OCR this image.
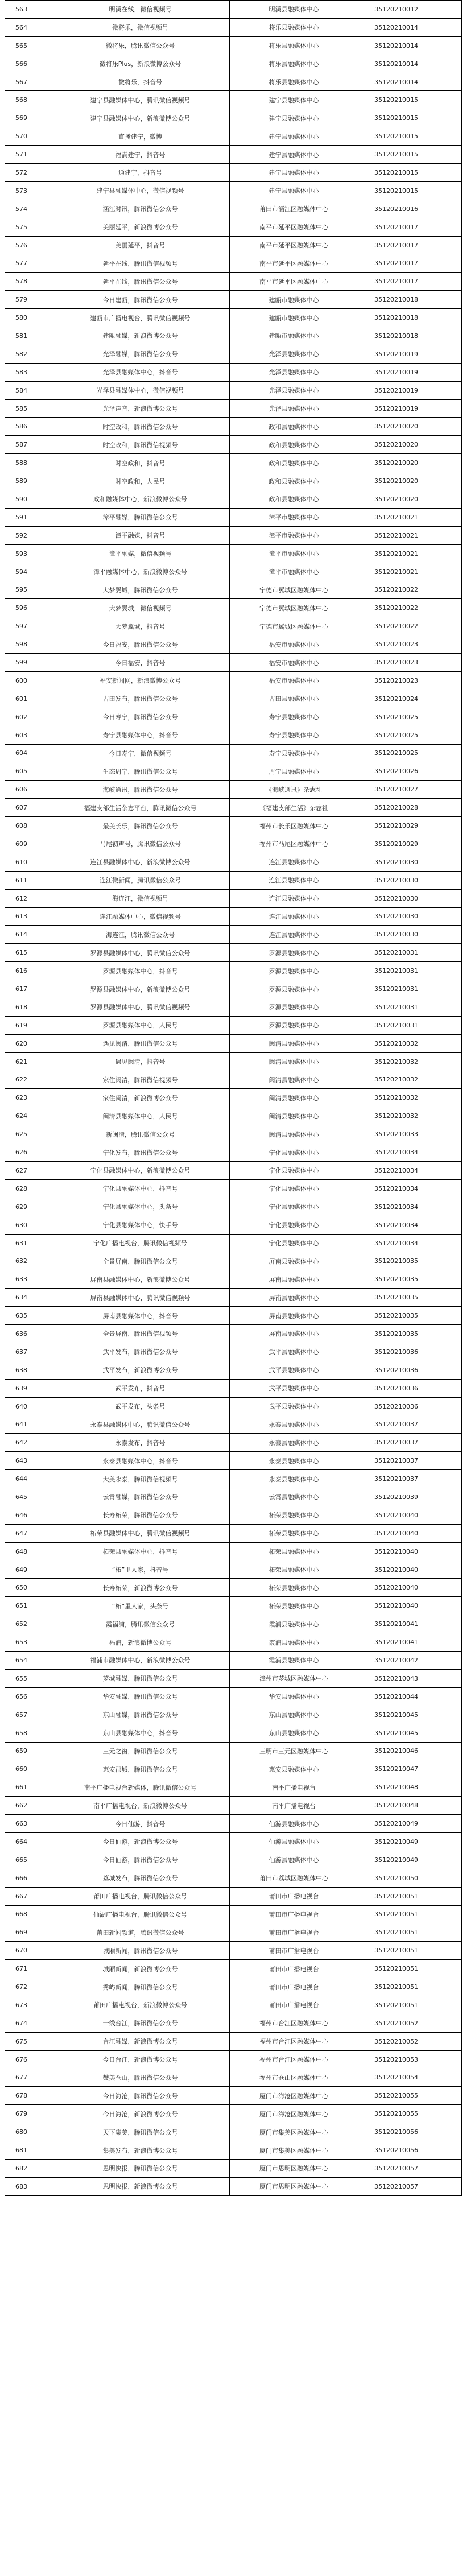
563	明溪在线，微信视频号	明溪县融媒体中心	35120210012
564	微将乐，微信视频号	将乐县融媒体中心	35120210014
565	微将乐，腾讯微信公众号	将乐县融媒体中心	35120210014
566	微将乐Plus，新浪微博公众号	将乐县融媒体中心	35120210014
567	微将乐，抖音号	将乐县融媒体中心	35120210014
568	建宁县融媒体中心，腾讯微信视频号	建宁县融媒体中心	35120210015
569	建宁县融媒体中心，新浪微博公众号	建宁县融媒体中心	35120210015
570	直播建宁，微博	建宁县融媒体中心	35120210015
571	福满建宁，抖音号	建宁县融媒体中心	35120210015
572	通建宁，抖音号	建宁县融媒体中心	35120210015
573	建宁县融媒体中心，微信视频号	建宁县融媒体中心	35120210015
574	涵江时讯，腾讯微信公众号	莆田市涵江区融媒体中心	35120210016
575	美丽延平，新浪微博公众号	南平市延平区融媒体中心	35120210017
576	美丽延平，抖音号	南平市延平区融媒体中心	35120210017
577	延平在线，腾讯微信视频号	南平市延平区融媒体中心	35120210017
578	延平在线，腾讯微信公众号	南平市延平区融媒体中心	35120210017
579	今日建瓯，腾讯微信公众号	建瓯市融媒体中心	35120210018
580	建瓯市广播电视台，腾讯微信视频号	建瓯市融媒体中心	35120210018
581	建瓯融媒，新浪微博公众号	建瓯市融媒体中心	35120210018
582	光泽融媒，腾讯微信公众号	光泽县融媒体中心	35120210019
583	光泽县融媒体中心，抖音号	光泽县融媒体中心	35120210019
584	光泽县融媒体中心，微信视频号	光泽县融媒体中心	35120210019
585	光泽声音，新浪微博公众号	光泽县融媒体中心	35120210019
586	时空政和，腾讯微信公众号	政和县融媒体中心	35120210020
587	时空政和，腾讯微信视频号	政和县融媒体中心	35120210020
588	时空政和，抖音号	政和县融媒体中心	35120210020
589	时空政和，人民号	政和县融媒体中心	35120210020
590	政和融媒体中心，新浪微博公众号	政和县融媒体中心	35120210020
591	漳平融媒，腾讯微信公众号	漳平市融媒体中心	35120210021
592	漳平融媒，抖音号	漳平市融媒体中心	35120210021
593	漳平融媒，微信视频号	漳平市融媒体中心	35120210021
594	漳平融媒体中心，新浪微博公众号	漳平市融媒体中心	35120210021
595	大梦翼城，腾讯微信公众号	宁德市翼城区融媒体中心	35120210022
596	大梦翼城，微信视频号	宁德市翼城区融媒体中心	35120210022
597	大梦翼城，抖音号	宁德市翼城区融媒体中心	35120210022
598	今日福安，腾讯微信公众号	福安市融媒体中心	35120210023
599	今日福安，抖音号	福安市融媒体中心	35120210023
600	福安新闻网，新浪微博公众号	福安市融媒体中心	35120210023
601	古田发布，腾讯微信公众号	古田县融媒体中心	35120210024
602	今日寿宁，腾讯微信公众号	寿宁县融媒体中心	35120210025
603	寿宁县融媒体中心，抖音号	寿宁县融媒体中心	35120210025
604	今日寿宁，微信视频号	寿宁县融媒体中心	35120210025
605	生态周宁，腾讯微信公众号	周宁县融媒体中心	35120210026
606	海峡通讯，腾讯微信公众号	《海峡通讯》杂志社	35120210027
607	福建支部生活杂志平台，腾讯微信公众号	《福建支部生活》杂志社	35120210028
608	最美长乐，腾讯微信公众号	福州市长乐区融媒体中心	35120210029
609	马尾初声号，腾讯微信公众号	福州市马尾区融媒体中心	35120210029
610	连江县融媒体中心，新浪微博公众号	连江县融媒体中心	35120210030
611	连江微新闻，腾讯微信公众号	连江县融媒体中心	35120210030
612	海连江，微信视频号	连江县融媒体中心	35120210030
613	连江融媒体中心，微信视频号	连江县融媒体中心	35120210030
614	海连江，腾讯微信公众号	连江县融媒体中心	35120210030
615	罗源县融媒体中心，腾讯微信公众号	罗源县融媒体中心	35120210031
616	罗源县融媒体中心，抖音号	罗源县融媒体中心	35120210031
617	罗源县融媒体中心，新浪微博公众号	罗源县融媒体中心	35120210031
618	罗源县融媒体中心，腾讯微信视频号	罗源县融媒体中心	35120210031
619	罗源县融媒体中心，人民号	罗源县融媒体中心	35120210031
620	遇见闽清，腾讯微信公众号	闽清县融媒体中心	35120210032
621	遇见闽清，抖音号	闽清县融媒体中心	35120210032
622	家住闽清，腾讯微信视频号	闽清县融媒体中心	35120210032
623	家住闽清，新浪微博公众号	闽清县融媒体中心	35120210032
624	闽清县融媒体中心，人民号	闽清县融媒体中心	35120210032
625	新闽清，腾讯微信公众号	闽清县融媒体中心	35120210033
626	宁化发布，腾讯微信公众号	宁化县融媒体中心	35120210034
627	宁化县融媒体中心，新浪微博公众号	宁化县融媒体中心	35120210034
628	宁化县融媒体中心，抖音号	宁化县融媒体中心	35120210034
629	宁化县融媒体中心，头条号	宁化县融媒体中心	35120210034
630	宁化县融媒体中心，快手号	宁化县融媒体中心	35120210034
631	宁化广播电视台，腾讯微信视频号	宁化县融媒体中心	35120210034
632	全景屏南，腾讯微信公众号	屏南县融媒体中心	35120210035
633	屏南县融媒体中心，新浪微博公众号	屏南县融媒体中心	35120210035
634	屏南县融媒体中心，腾讯微信视频号	屏南县融媒体中心	35120210035
635	屏南县融媒体中心，抖音号	屏南县融媒体中心	35120210035
636	全景屏南，腾讯微信视频号	屏南县融媒体中心	35120210035
637	武平发布，腾讯微信公众号	武平县融媒体中心	35120210036
638	武平发布，新浪微博公众号	武平县融媒体中心	35120210036
639	武平发布，抖音号	武平县融媒体中心	35120210036
640	武平发布，头条号	武平县融媒体中心	35120210036
641	永泰县融媒体中心，腾讯微信公众号	永泰县融媒体中心	35120210037
642	永泰发布，抖音号	永泰县融媒体中心	35120210037
643	永泰县融媒体中心，抖音号	永泰县融媒体中心	35120210037
644	大美永泰，腾讯微信视频号	永泰县融媒体中心	35120210037
645	云霄融媒，腾讯微信公众号	云霄县融媒体中心	35120210039
646	长寿柘荣，腾讯微信公众号	柘荣县融媒体中心	35120210040
647	柘荣县融媒体中心，腾讯微信视频号	柘荣县融媒体中心	35120210040
648	柘荣县融媒体中心，抖音号	柘荣县融媒体中心	35120210040
649	“柘”里人家，抖音号	柘荣县融媒体中心	35120210040
650	长寿柘荣，新浪微博公众号	柘荣县融媒体中心	35120210040
651	“柘”里人家，头条号	柘荣县融媒体中心	35120210040
652	霞福浦，腾讯微信公众号	霞浦县融媒体中心	35120210041
653	福浦，新浪微博公众号	霞浦县融媒体中心	35120210041
654	福浦市融媒体中心，新浪微博公众号	霞浦县融媒体中心	35120210042
655	芗城融媒，腾讯微信公众号	漳州市芗城区融媒体中心	35120210043
656	华安融媒，腾讯微信公众号	华安县融媒体中心	35120210044
657	东山融媒，腾讯微信公众号	东山县融媒体中心	35120210045
658	东山县融媒体中心，抖音号	东山县融媒体中心	35120210045
659	三元之窗，腾讯微信公众号	三明市三元区融媒体中心	35120210046
660	惠安郡城，腾讯微信公众号	惠安县融媒体中心	35120210047
661	南平广播电视台新媒体，腾讯微信公众号	南平广播电视台	35120210048
662	南平广播电视台，新浪微博公众号	南平广播电视台	35120210048
663	今日仙游，抖音号	仙游县融媒体中心	35120210049
664	今日仙游，新浪微博公众号	仙游县融媒体中心	35120210049
665	今日仙游，腾讯微信公众号	仙游县融媒体中心	35120210049
666	荔城发布，腾讯微信公众号	莆田市荔城区融媒体中心	35120210050
667	莆田广播电视台，腾讯微信公众号	莆田市广播电视台	35120210051
668	仙湖广播电视台，腾讯微信公众号	莆田市广播电视台	35120210051
669	莆田新闻频道，腾讯微信公众号	莆田市广播电视台	35120210051
670	城厢新闻，腾讯微信公众号	莆田市广播电视台	35120210051
671	城厢新闻，新浪微博公众号	莆田市广播电视台	35120210051
672	秀屿新闻，腾讯微信公众号	莆田市广播电视台	35120210051
673	莆田广播电视台，新浪微博公众号	莆田市广播电视台	35120210051
674	一线台江，腾讯微信公众号	福州市台江区融媒体中心	35120210052
675	台江融媒，新浪微博公众号	福州市台江区融媒体中心	35120210052
676	今日台江，新浪微博公众号	福州市台江区融媒体中心	35120210053
677	鼓美仓山，腾讯微信公众号	福州市仓山区融媒体中心	35120210054
678	今日海沧，腾讯微信公众号	厦门市海沧区融媒体中心	35120210055
679	今日海沧，新浪微博公众号	厦门市海沧区融媒体中心	35120210055
680	天下集美，腾讯微信公众号	厦门市集美区融媒体中心	35120210056
681	集美发布，新浪微博公众号	厦门市集美区融媒体中心	35120210056
682	思明快报，腾讯微信公众号	厦门市思明区融媒体中心	35120210057
683	思明快报，新浪微博公众号	厦门市思明区融媒体中心	35120210057
